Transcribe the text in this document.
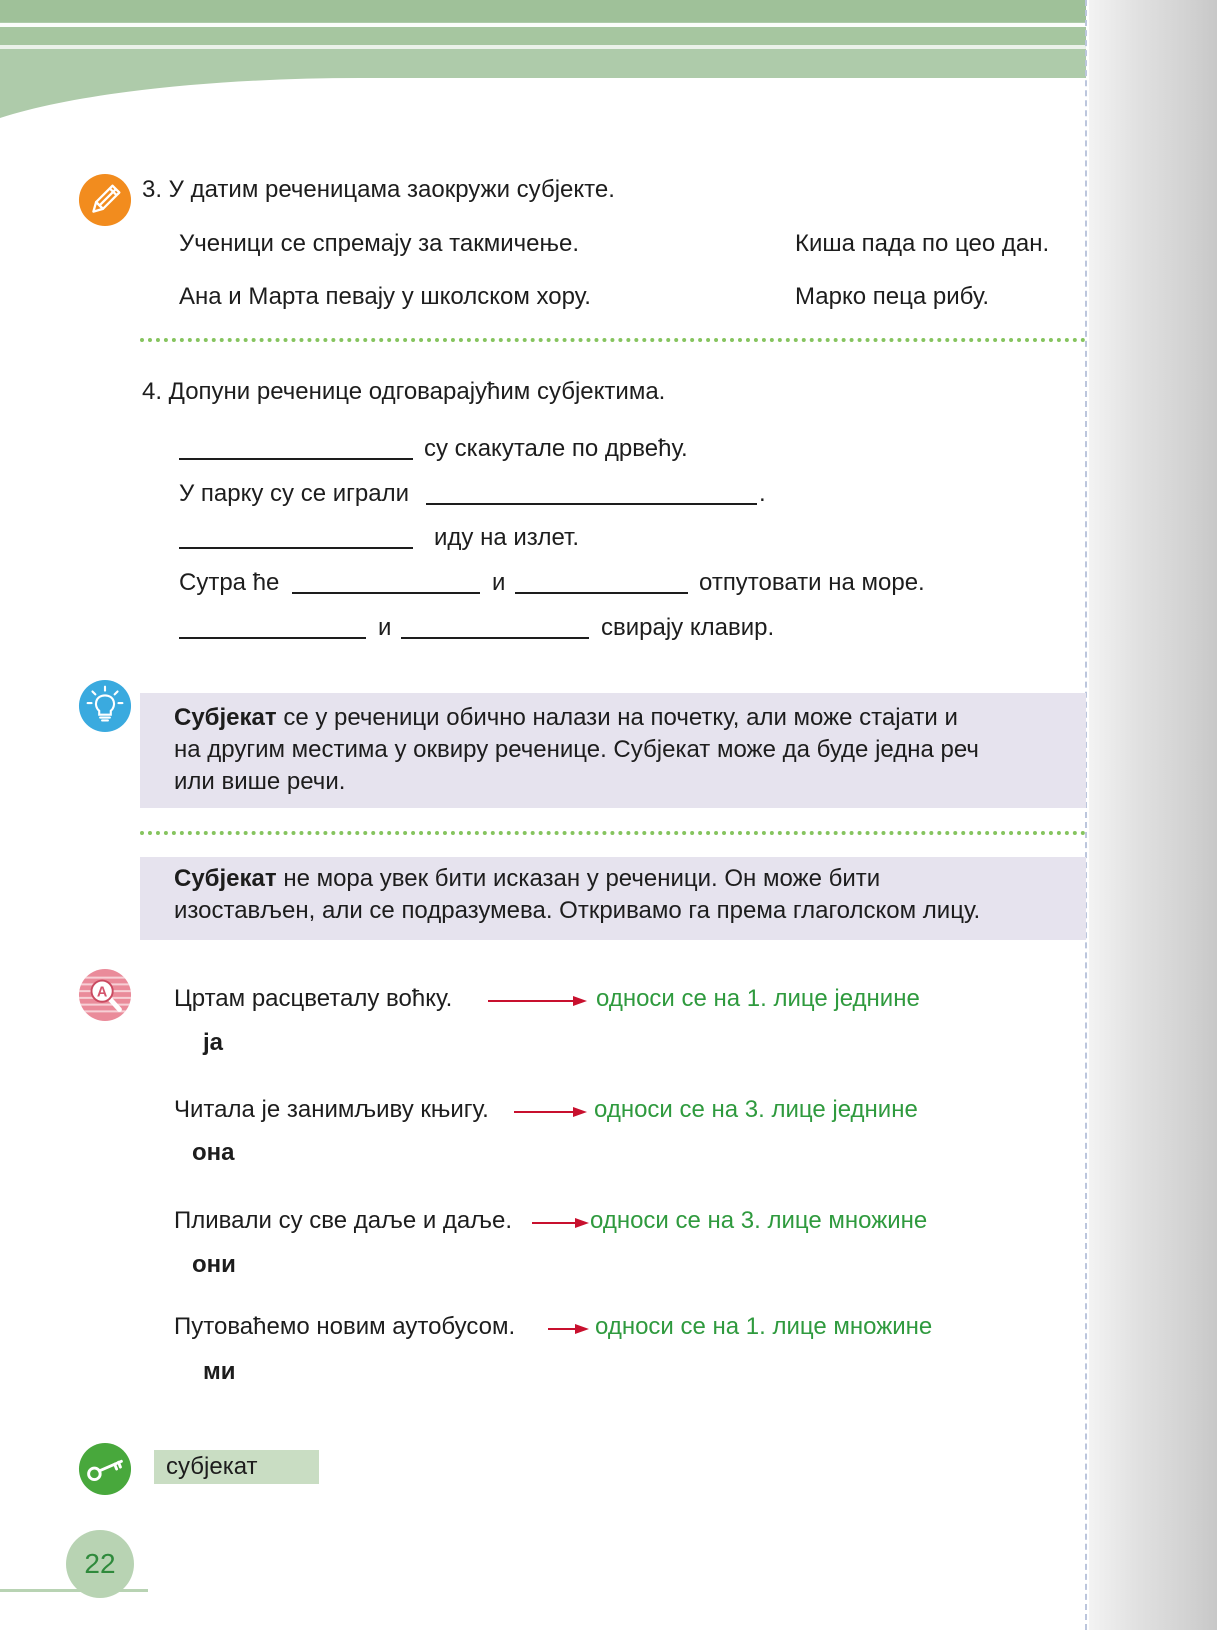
3. У датим реченицама заокружи субјекте.
Ученици се спремају за такмичење.	Киша пада по цео дан.
Ана и Марта певају у школском хору.	Марко пеца рибу.
4. Допуни реченице одговарајућим субјектима.
су скакутале по дрвећу.
У парку су се играли	.
иду на излет.
Сутра ће	и	отпутовати на море.
и	свирају клавир.
Субјекат се у реченици обично налази на почетку, али може стајати и
на другим местима у оквиру реченице. Субјекат може да буде једна реч
или више речи.
Субјекат не мора увек бити исказан у реченици. Он може бити
изостављен, али се подразумева. Откривамо га према глаголском лицу.
A	Цртам расцветалу воћку.	односи се на 1. лице једнине
ја
Читала је занимљиву књигу.	односи се на 3. лице једнине
она
Пливали су све даље и даље.	односи се на 3. лице множине
они
Путоваћемо новим аутобусом.	односи се на 1. лице множине
ми
субјекат
22
